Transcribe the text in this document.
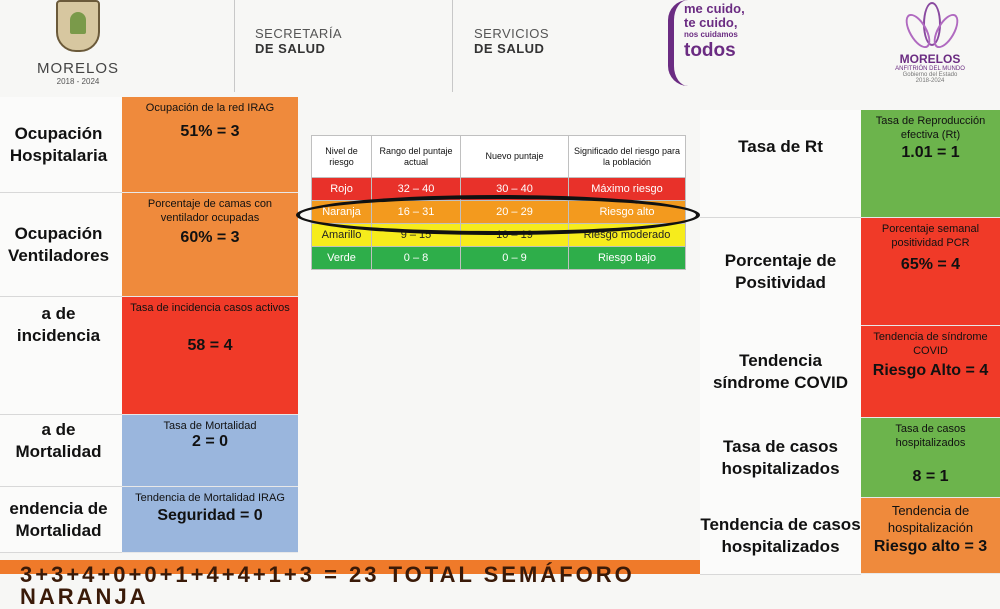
MORELOS
2018 - 2024
SECRETARÍA
DE SALUD
SERVICIOS
DE SALUD
me cuido,
te cuido,
nos cuidamos
todos	MORELOS
ANFITRIÓN DEL MUNDO
Gobierno del Estado
2018-2024
Ocupación Hospitalaria
Ocupación de la red IRAG
51% = 3
Ocupación Ventiladores
Porcentaje de camas con ventilador ocupadas
60% = 3
a de incidencia
Tasa de incidencia casos activos
58 = 4
a de Mortalidad
Tasa de Mortalidad
2 = 0
endencia de Mortalidad
Tendencia de Mortalidad IRAG
Seguridad = 0
Nivel de riesgo	Rango del puntaje actual	Nuevo puntaje	Significado del riesgo para la población
Rojo	32 – 40	30 – 40	Máximo riesgo
Naranja	16 – 31	20 – 29	Riesgo alto
Amarillo	9 – 15	10 – 19	Riesgo moderado
Verde	0 – 8	0 – 9	Riesgo bajo
Tasa de Rt
Tasa de Reproducción efectiva (Rt)
1.01 = 1
Porcentaje de Positividad
Porcentaje semanal positividad PCR
65% = 4
Tendencia síndrome COVID
Tendencia de síndrome COVID
Riesgo Alto = 4
Tasa de casos hospitalizados
Tasa de casos hospitalizados
8 = 1
Tendencia de casos hospitalizados
Tendencia de hospitalización
Riesgo alto = 3
3+3+4+0+0+1+4+4+1+3 = 23 TOTAL SEMÁFORO NARANJA
